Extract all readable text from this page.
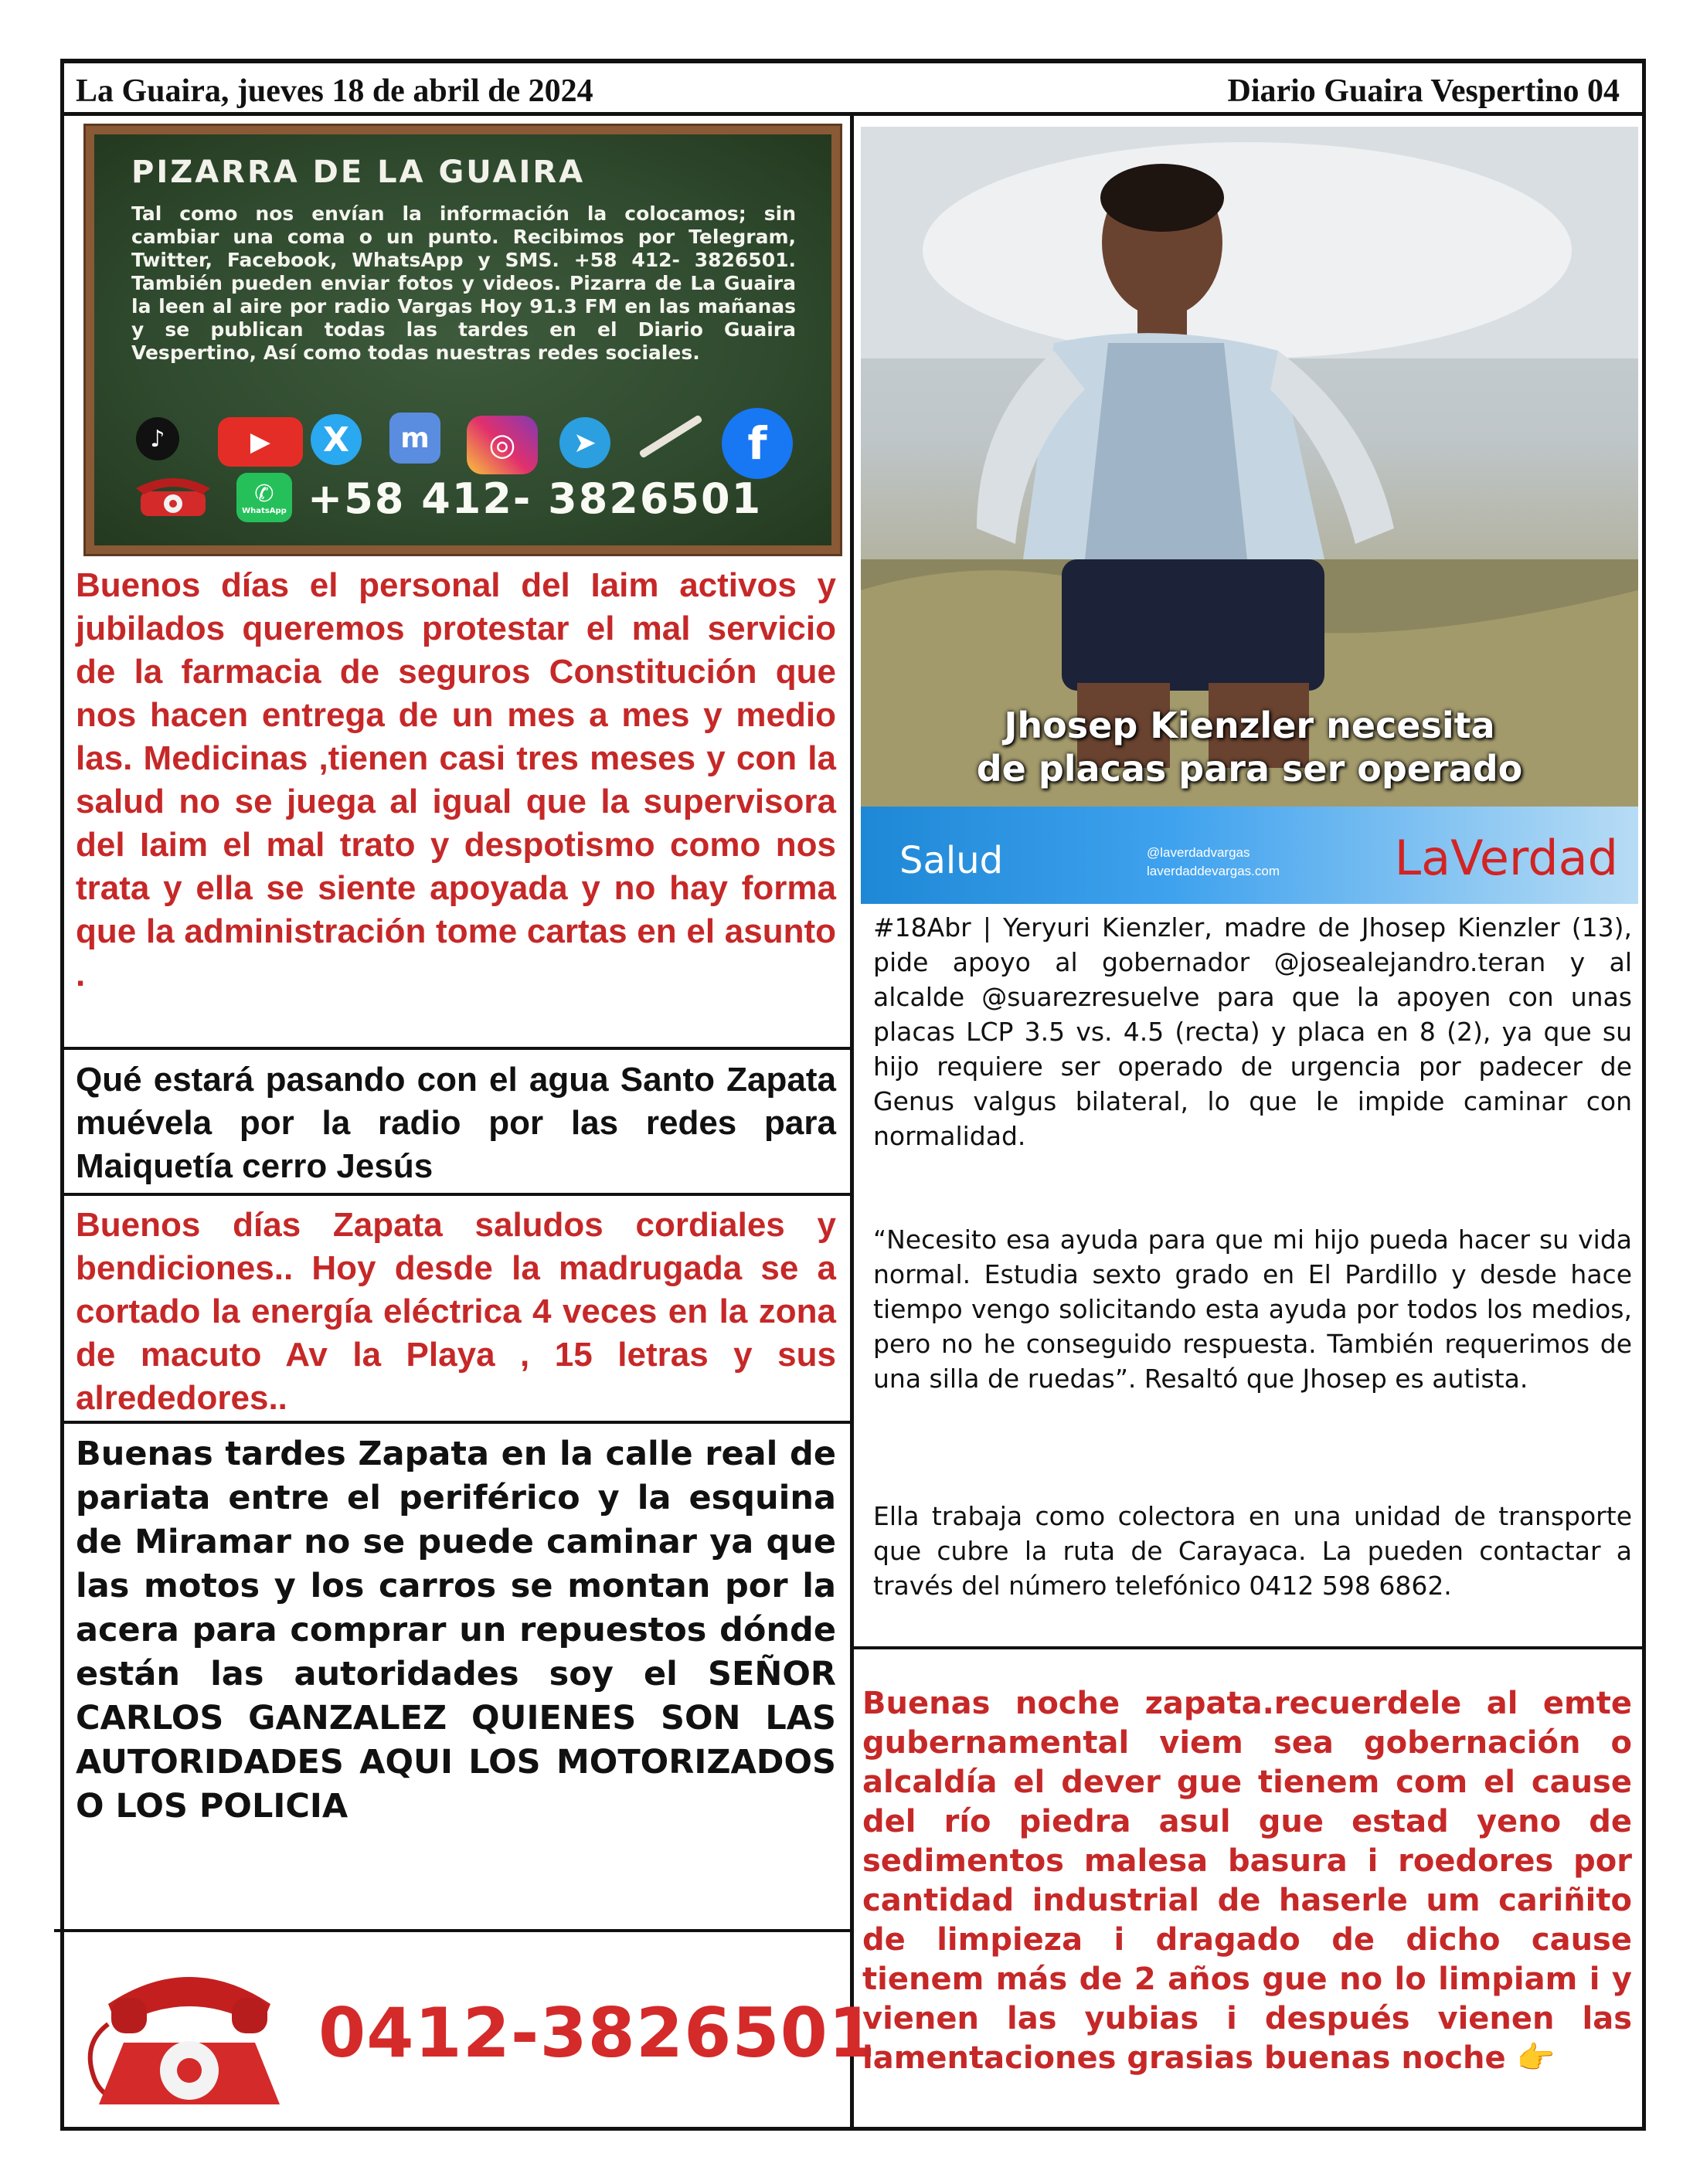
La Guaira, jueves 18 de abril de 2024	Diario Guaira Vespertino 04
PIZARRA DE LA GUAIRA
Tal como nos envían la información la colocamos; sin cambiar una coma o un punto. Recibimos por Telegram, Twitter, Facebook, WhatsApp y SMS. +58 412- 3826501. También pueden enviar fotos y videos. Pizarra de La Guaira la leen al aire por radio Vargas Hoy 91.3 FM en las mañanas y se publican todas las tardes en el Diario Guaira Vespertino, Así como todas nuestras redes sociales.
♪	▶	X	m	◎	➤	f
✆
WhatsApp +58 412- 3826501
Buenos días el personal del Iaim activos y jubilados queremos protestar el mal servicio de la farmacia de seguros Constitución que nos hacen entrega de un mes a mes y medio las. Medicinas ,tienen casi tres meses y con la salud no se juega al igual que la supervisora del Iaim el mal trato y despotismo como nos trata y ella se siente apoyada y no hay forma que la administración tome cartas en el asunto .
Qué estará pasando con el agua Santo Zapata muévela por la radio por las redes para Maiquetía cerro Jesús
Buenos días Zapata saludos cordiales y bendiciones.. Hoy desde la madrugada se a cortado la energía eléctrica 4 veces en la zona de macuto Av la Playa , 15 letras y sus alrededores..
Buenas tardes Zapata en la calle real de pariata entre el periférico y la esquina de Miramar no se puede caminar ya que las motos y los carros se montan por la acera para comprar un repuestos dónde están las autoridades soy el SEÑOR CARLOS GANZALEZ QUIENES SON LAS AUTORIDADES AQUI LOS MOTORIZADOS O LOS POLICIA
0412-3826501
Jhosep Kienzler necesita
de placas para ser operado
Salud	@laverdadvargas
laverdaddevargas.com LaVerdad
#18Abr | Yeryuri Kienzler, madre de Jhosep Kienzler (13), pide apoyo al gobernador @josealejandro.teran y al alcalde @suarezresuelve para que la apoyen con unas placas LCP 3.5 vs. 4.5 (recta) y placa en 8 (2), ya que su hijo requiere ser operado de urgencia por padecer de Genus valgus bilateral, lo que le impide caminar con normalidad.
“Necesito esa ayuda para que mi hijo pueda hacer su vida normal. Estudia sexto grado en El Pardillo y desde hace tiempo vengo solicitando esta ayuda por todos los medios, pero no he conseguido respuesta. También requerimos de una silla de ruedas”. Resaltó que Jhosep es autista.
Ella trabaja como colectora en una unidad de transporte que cubre la ruta de Carayaca. La pueden contactar a través del número telefónico 0412 598 6862.
Buenas noche zapata.recuerdele al emte gubernamental viem sea gobernación o alcaldía el dever gue tienem com el cause del río piedra asul gue estad yeno de sedimentos malesa basura i roedores por cantidad industrial de haserle um cariñito de limpieza i dragado de dicho cause tienem más de 2 años gue no lo limpiam i y vienen las yubias i después vienen las lamentaciones grasias buenas noche 👉
